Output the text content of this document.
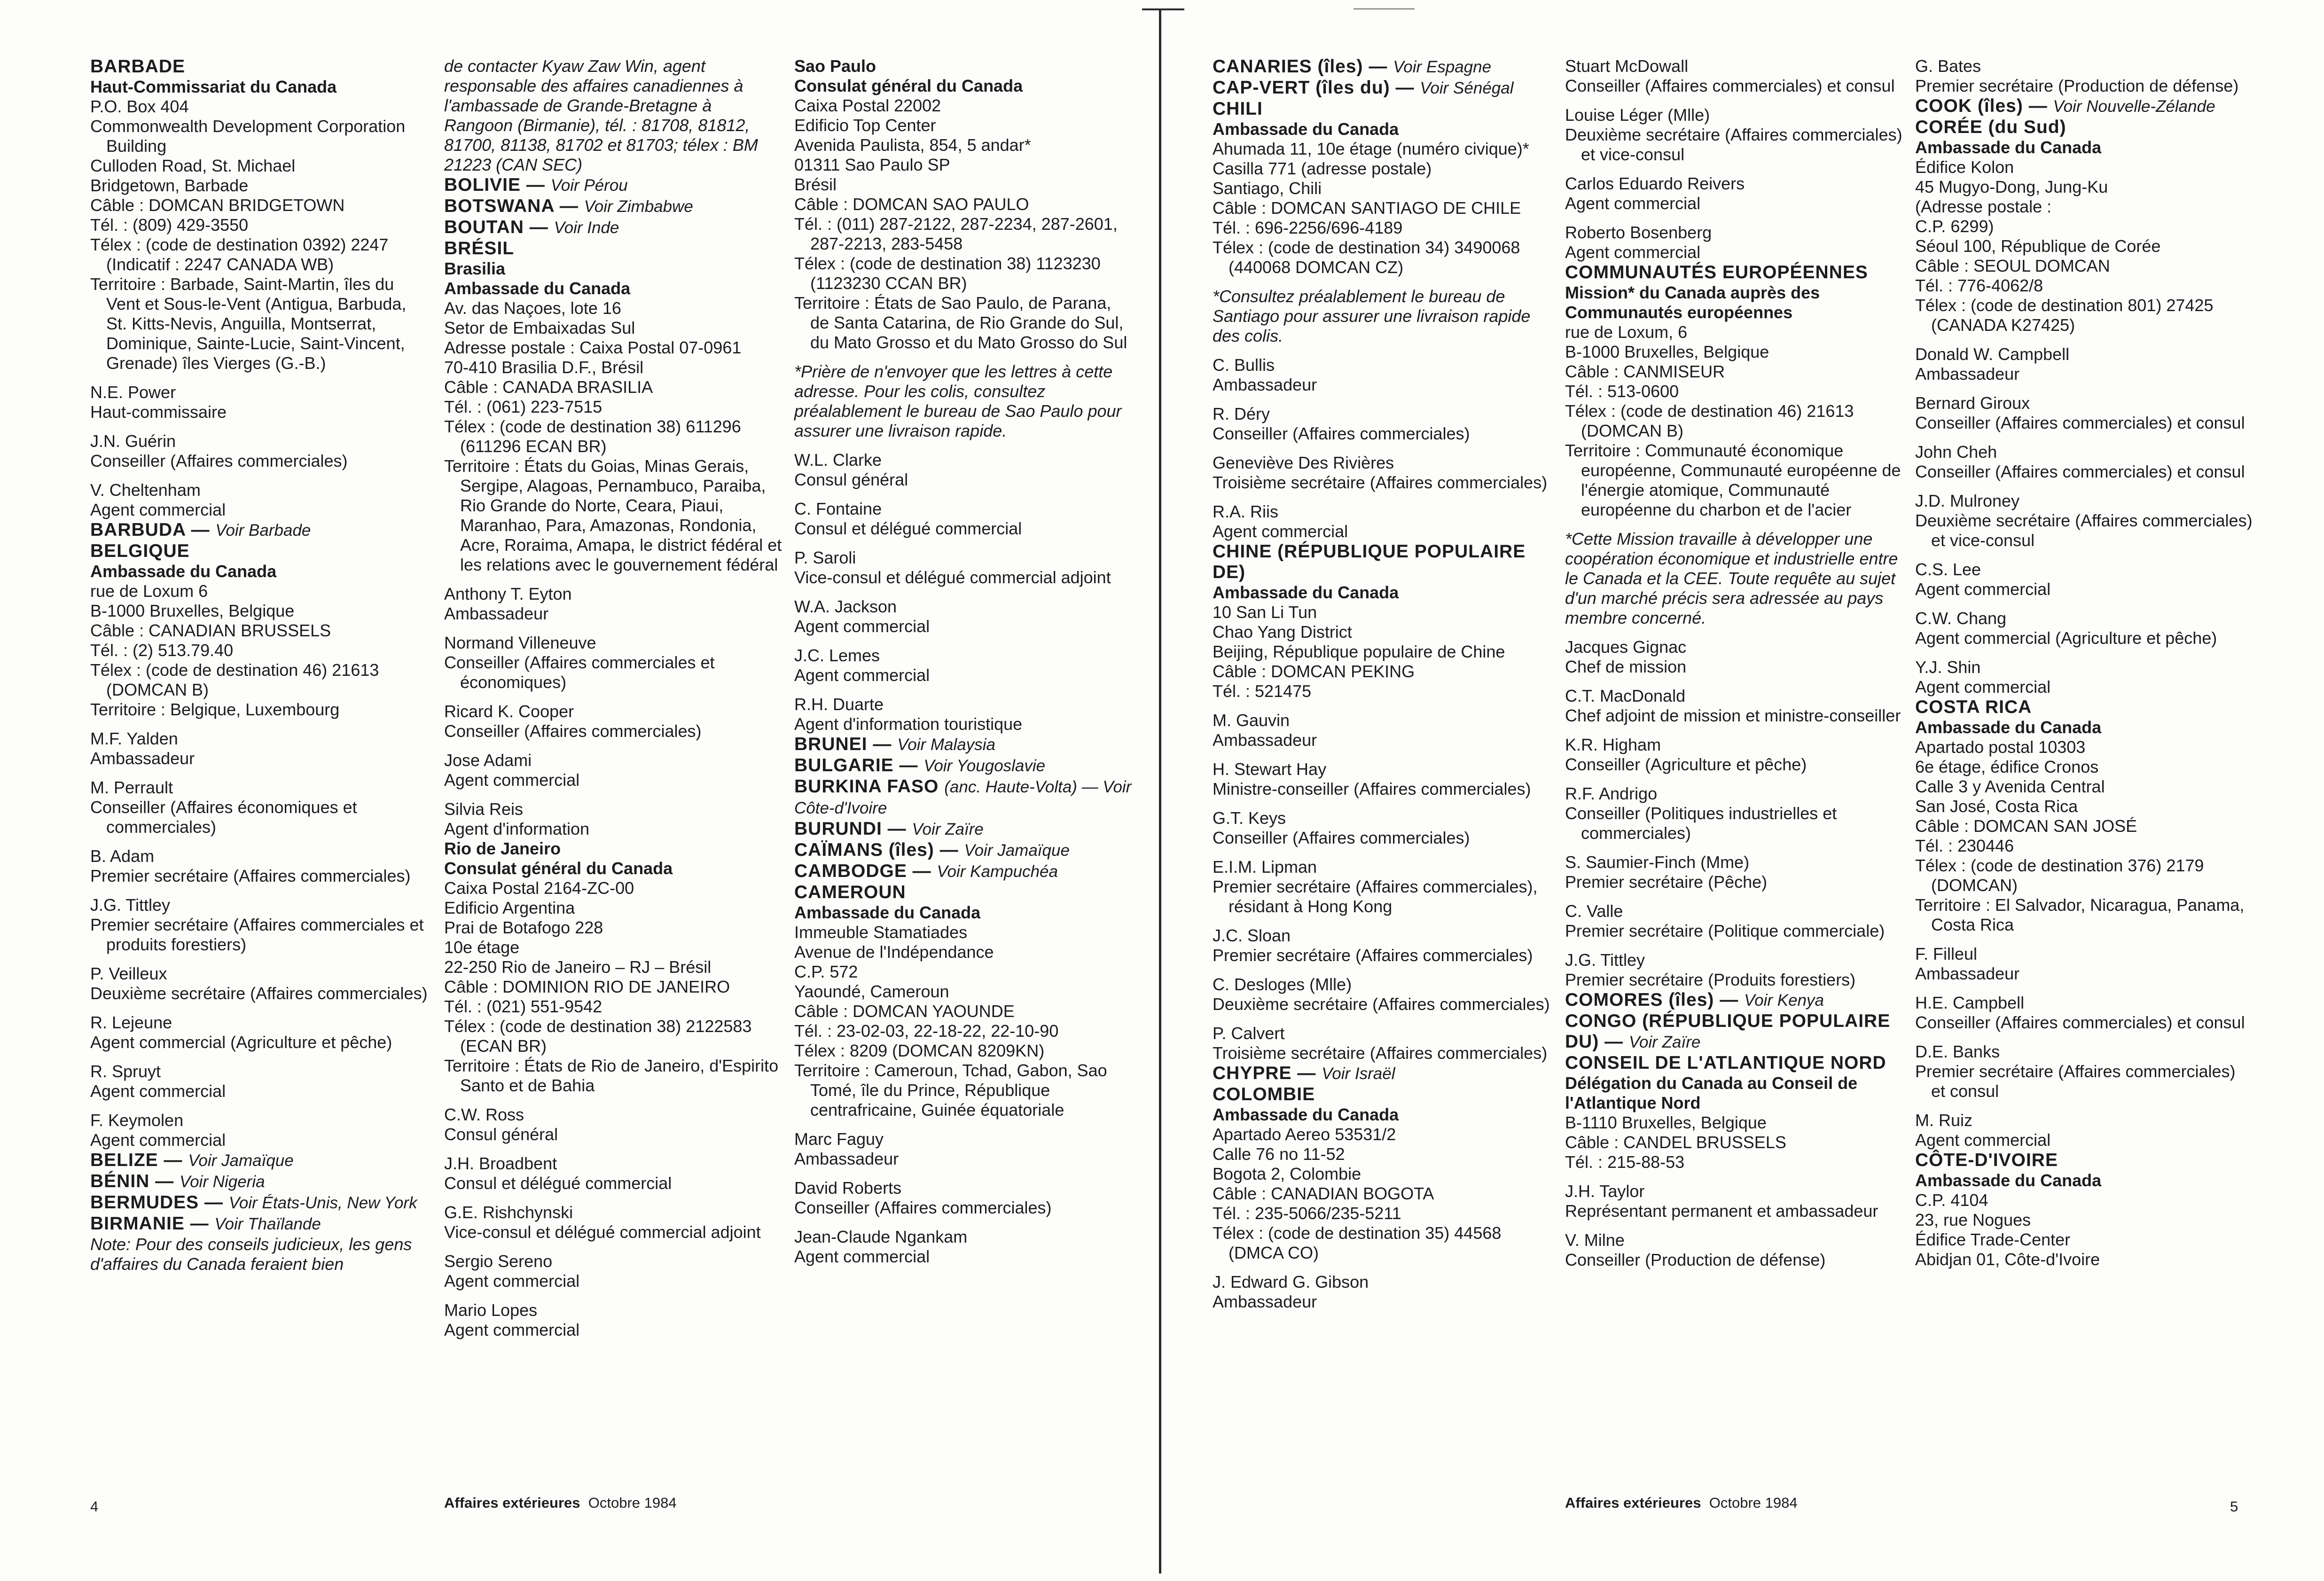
BARBADE

Haut-Commissariat du Canada

P.O. Box 404

Commonwealth Development Corporation Building

Culloden Road, St. Michael

Bridgetown, Barbade

Câble : DOMCAN BRIDGETOWN

Tél. : (809) 429-3550

Télex : (code de destination 0392) 2247 (Indicatif : 2247 CANADA WB)

Territoire : Barbade, Saint-Martin, îles du Vent et Sous-le-Vent (Antigua, Barbuda, St. Kitts-Nevis, Anguilla, Montserrat, Dominique, Sainte-Lucie, Saint-Vincent, Grenade) îles Vierges (G.-B.)

N.E. Power

Haut-commissaire

J.N. Guérin

Conseiller (Affaires commerciales)

V. Cheltenham

Agent commercial

BARBUDA — Voir Barbade

BELGIQUE

Ambassade du Canada

rue de Loxum 6

B-1000 Bruxelles, Belgique

Câble : CANADIAN BRUSSELS

Tél. : (2) 513.79.40

Télex : (code de destination 46) 21613 (DOMCAN B)

Territoire : Belgique, Luxembourg

M.F. Yalden

Ambassadeur

M. Perrault

Conseiller (Affaires économiques et commerciales)

B. Adam

Premier secrétaire (Affaires commerciales)

J.G. Tittley

Premier secrétaire (Affaires commerciales et produits forestiers)

P. Veilleux

Deuxième secrétaire (Affaires commerciales)

R. Lejeune

Agent commercial (Agriculture et pêche)

R. Spruyt

Agent commercial

F. Keymolen

Agent commercial

BELIZE — Voir Jamaïque

BÉNIN — Voir Nigeria

BERMUDES — Voir États-Unis, New York

BIRMANIE — Voir Thaïlande

Note: Pour des conseils judicieux, les gens d'affaires du Canada feraient bien

de contacter Kyaw Zaw Win, agent responsable des affaires canadiennes à l'ambassade de Grande-Bretagne à Rangoon (Birmanie), tél. : 81708, 81812, 81700, 81138, 81702 et 81703; télex : BM 21223 (CAN SEC)

BOLIVIE — Voir Pérou

BOTSWANA — Voir Zimbabwe

BOUTAN — Voir Inde

BRÉSIL

Brasilia

Ambassade du Canada

Av. das Naçoes, lote 16

Setor de Embaixadas Sul

Adresse postale : Caixa Postal 07-0961

70-410 Brasilia D.F., Brésil

Câble : CANADA BRASILIA

Tél. : (061) 223-7515

Télex : (code de destination 38) 611296 (611296 ECAN BR)

Territoire : États du Goias, Minas Gerais, Sergipe, Alagoas, Pernambuco, Paraiba, Rio Grande do Norte, Ceara, Piaui, Maranhao, Para, Amazonas, Rondonia, Acre, Roraima, Amapa, le district fédéral et les relations avec le gouvernement fédéral

Anthony T. Eyton

Ambassadeur

Normand Villeneuve

Conseiller (Affaires commerciales et économiques)

Ricard K. Cooper

Conseiller (Affaires commerciales)

Jose Adami

Agent commercial

Silvia Reis

Agent d'information

Rio de Janeiro

Consulat général du Canada

Caixa Postal 2164-ZC-00

Edificio Argentina

Prai de Botafogo 228

10e étage

22-250 Rio de Janeiro – RJ – Brésil

Câble : DOMINION RIO DE JANEIRO

Tél. : (021) 551-9542

Télex : (code de destination 38) 2122583 (ECAN BR)

Territoire : États de Rio de Janeiro, d'Espirito Santo et de Bahia

C.W. Ross

Consul général

J.H. Broadbent

Consul et délégué commercial

G.E. Rishchynski

Vice-consul et délégué commercial adjoint

Sergio Sereno

Agent commercial

Mario Lopes

Agent commercial

Sao Paulo

Consulat général du Canada

Caixa Postal 22002

Edificio Top Center

Avenida Paulista, 854, 5 andar*

01311 Sao Paulo SP

Brésil

Câble : DOMCAN SAO PAULO

Tél. : (011) 287-2122, 287-2234, 287-2601, 287-2213, 283-5458

Télex : (code de destination 38) 1123230 (1123230 CCAN BR)

Territoire : États de Sao Paulo, de Parana, de Santa Catarina, de Rio Grande do Sul, du Mato Grosso et du Mato Grosso do Sul

*Prière de n'envoyer que les lettres à cette adresse. Pour les colis, consultez préalablement le bureau de Sao Paulo pour assurer une livraison rapide.

W.L. Clarke

Consul général

C. Fontaine

Consul et délégué commercial

P. Saroli

Vice-consul et délégué commercial adjoint

W.A. Jackson

Agent commercial

J.C. Lemes

Agent commercial

R.H. Duarte

Agent d'information touristique

BRUNEI — Voir Malaysia

BULGARIE — Voir Yougoslavie

BURKINA FASO (anc. Haute-Volta) — Voir Côte-d'Ivoire

BURUNDI — Voir Zaïre

CAÏMANS (îles) — Voir Jamaïque

CAMBODGE — Voir Kampuchéa

CAMEROUN

Ambassade du Canada

Immeuble Stamatiades

Avenue de l'Indépendance

C.P. 572

Yaoundé, Cameroun

Câble : DOMCAN YAOUNDE

Tél. : 23-02-03, 22-18-22, 22-10-90

Télex : 8209 (DOMCAN 8209KN)

Territoire : Cameroun, Tchad, Gabon, Sao Tomé, île du Prince, République centrafricaine, Guinée équatoriale

Marc Faguy

Ambassadeur

David Roberts

Conseiller (Affaires commerciales)

Jean-Claude Ngankam

Agent commercial

CANARIES (îles) — Voir Espagne

CAP-VERT (îles du) — Voir Sénégal

CHILI

Ambassade du Canada

Ahumada 11, 10e étage (numéro civique)*

Casilla 771 (adresse postale)

Santiago, Chili

Câble : DOMCAN SANTIAGO DE CHILE

Tél. : 696-2256/696-4189

Télex : (code de destination 34) 3490068 (440068 DOMCAN CZ)

*Consultez préalablement le bureau de Santiago pour assurer une livraison rapide des colis.

C. Bullis

Ambassadeur

R. Déry

Conseiller (Affaires commerciales)

Geneviève Des Rivières

Troisième secrétaire (Affaires commerciales)

R.A. Riis

Agent commercial

CHINE (RÉPUBLIQUE POPULAIRE DE)

Ambassade du Canada

10 San Li Tun

Chao Yang District

Beijing, République populaire de Chine

Câble : DOMCAN PEKING

Tél. : 521475

M. Gauvin

Ambassadeur

H. Stewart Hay

Ministre-conseiller (Affaires commerciales)

G.T. Keys

Conseiller (Affaires commerciales)

E.I.M. Lipman

Premier secrétaire (Affaires commerciales), résidant à Hong Kong

J.C. Sloan

Premier secrétaire (Affaires commerciales)

C. Desloges (Mlle)

Deuxième secrétaire (Affaires commerciales)

P. Calvert

Troisième secrétaire (Affaires commerciales)

CHYPRE — Voir Israël

COLOMBIE

Ambassade du Canada

Apartado Aereo 53531/2

Calle 76 no 11-52

Bogota 2, Colombie

Câble : CANADIAN BOGOTA

Tél. : 235-5066/235-5211

Télex : (code de destination 35) 44568 (DMCA CO)

J. Edward G. Gibson

Ambassadeur

Stuart McDowall

Conseiller (Affaires commerciales) et consul

Louise Léger (Mlle)

Deuxième secrétaire (Affaires commerciales) et vice-consul

Carlos Eduardo Reivers

Agent commercial

Roberto Bosenberg

Agent commercial

COMMUNAUTÉS EUROPÉENNES

Mission* du Canada auprès des Communautés européennes

rue de Loxum, 6

B-1000 Bruxelles, Belgique

Câble : CANMISEUR

Tél. : 513-0600

Télex : (code de destination 46) 21613 (DOMCAN B)

Territoire : Communauté économique européenne, Communauté européenne de l'énergie atomique, Communauté européenne du charbon et de l'acier

*Cette Mission travaille à développer une coopération économique et industrielle entre le Canada et la CEE. Toute requête au sujet d'un marché précis sera adressée au pays membre concerné.

Jacques Gignac

Chef de mission

C.T. MacDonald

Chef adjoint de mission et ministre-conseiller

K.R. Higham

Conseiller (Agriculture et pêche)

R.F. Andrigo

Conseiller (Politiques industrielles et commerciales)

S. Saumier-Finch (Mme)

Premier secrétaire (Pêche)

C. Valle

Premier secrétaire (Politique commerciale)

J.G. Tittley

Premier secrétaire (Produits forestiers)

COMORES (îles) — Voir Kenya

CONGO (RÉPUBLIQUE POPULAIRE DU) — Voir Zaïre

CONSEIL DE L'ATLANTIQUE NORD

Délégation du Canada au Conseil de l'Atlantique Nord

B-1110 Bruxelles, Belgique

Câble : CANDEL BRUSSELS

Tél. : 215-88-53

J.H. Taylor

Représentant permanent et ambassadeur

V. Milne

Conseiller (Production de défense)

G. Bates

Premier secrétaire (Production de défense)

COOK (îles) — Voir Nouvelle-Zélande

CORÉE (du Sud)

Ambassade du Canada

Édifice Kolon

45 Mugyo-Dong, Jung-Ku

(Adresse postale :

C.P. 6299)

Séoul 100, République de Corée

Câble : SEOUL DOMCAN

Tél. : 776-4062/8

Télex : (code de destination 801) 27425 (CANADA K27425)

Donald W. Campbell

Ambassadeur

Bernard Giroux

Conseiller (Affaires commerciales) et consul

John Cheh

Conseiller (Affaires commerciales) et consul

J.D. Mulroney

Deuxième secrétaire (Affaires commerciales) et vice-consul

C.S. Lee

Agent commercial

C.W. Chang

Agent commercial (Agriculture et pêche)

Y.J. Shin

Agent commercial

COSTA RICA

Ambassade du Canada

Apartado postal 10303

6e étage, édifice Cronos

Calle 3 y Avenida Central

San José, Costa Rica

Câble : DOMCAN SAN JOSÉ

Tél. : 230446

Télex : (code de destination 376) 2179 (DOMCAN)

Territoire : El Salvador, Nicaragua, Panama, Costa Rica

F. Filleul

Ambassadeur

H.E. Campbell

Conseiller (Affaires commerciales) et consul

D.E. Banks

Premier secrétaire (Affaires commerciales) et consul

M. Ruiz

Agent commercial

CÔTE-D'IVOIRE

Ambassade du Canada

C.P. 4104

23, rue Nogues

Édifice Trade-Center

Abidjan 01, Côte-d'Ivoire

4	Affaires extérieures Octobre 1984	Affaires extérieures Octobre 1984	5
